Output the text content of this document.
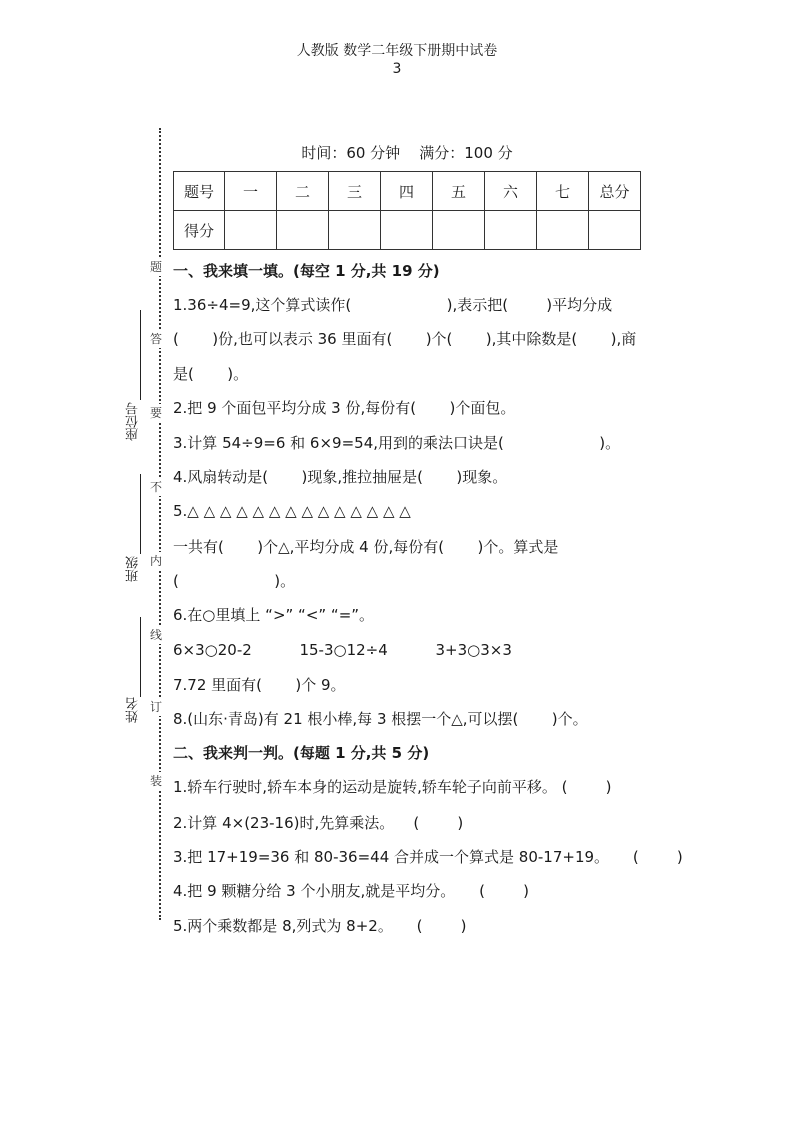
人教版 数学二年级下册期中试卷
3
题
答
要
不
内
线
订
装
座位号
班级
姓名
时间：60 分钟    满分：100 分
题号	一	二	三	四	五	六	七	总分
得分								
一、我来填一填。(每空 1 分,共 19 分)
1.36÷4=9,这个算式读作(                    ),表示把(        )平均分成
(       )份,也可以表示 36 里面有(       )个(       ),其中除数是(       ),商
是(       )。
2.把 9 个面包平均分成 3 份,每份有(       )个面包。
3.计算 54÷9=6 和 6×9=54,用到的乘法口诀是(                    )。
4.风扇转动是(       )现象,推拉抽屉是(       )现象。
5.△ △ △ △ △ △ △ △ △ △ △ △ △ △
一共有(       )个△,平均分成 4 份,每份有(       )个。算式是
(                    )。
6.在○里填上 “>” “<” “=”。
6×3○20-2          15-3○12÷4          3+3○3×3
7.72 里面有(       )个 9。
8.(山东·青岛)有 21 根小棒,每 3 根摆一个△,可以摆(       )个。
二、我来判一判。(每题 1 分,共 5 分)
1.轿车行驶时,轿车本身的运动是旋转,轿车轮子向前平移。 (        )
2.计算 4×(23-16)时,先算乘法。    (        )
3.把 17+19=36 和 80-36=44 合并成一个算式是 80-17+19。     (        )
4.把 9 颗糖分给 3 个小朋友,就是平均分。     (        )
5.两个乘数都是 8,列式为 8+2。     (        )
